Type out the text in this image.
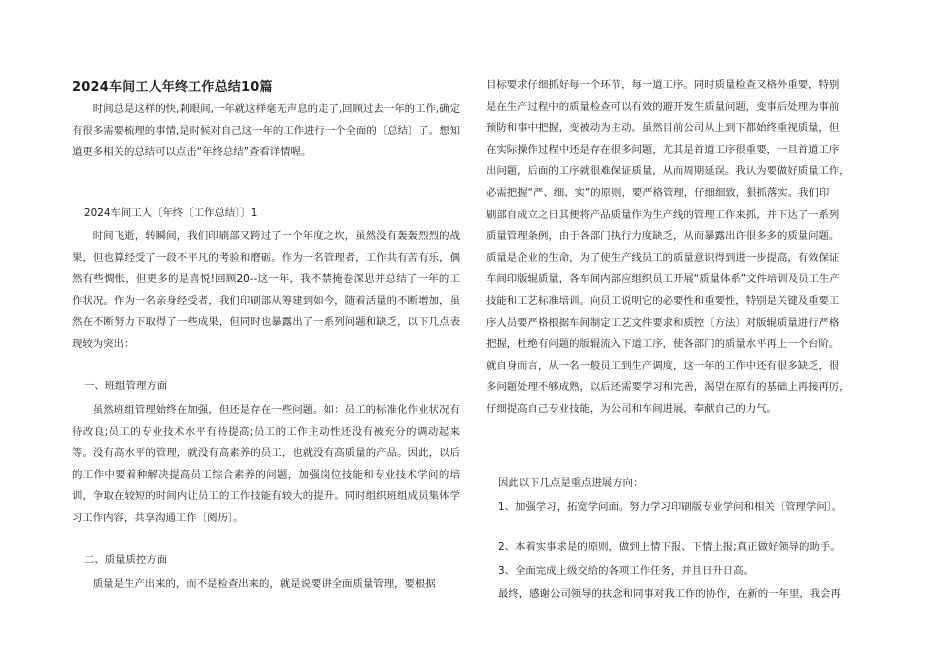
2024车间工人年终工作总结10篇

时间总是这样的快,剎眼间,一年就这样毫无声息的走了,回顾过去一年的工作,确定有很多需要梳理的事情,是时候对自己这一年的工作进行一个全面的〔总结〕了。想知道更多相关的总结可以点击“年终总结”查看详情喔。

2024车间工人〔年终〔工作总结〕〕1

时间飞逝，转瞬间，我们印刷部又跨过了一个年度之坎，虽然没有轰轰烈烈的战果，但也算经受了一段不平凡的考验和磨砺。作为一名管理者，工作共有苦有乐，偶然有些惆怅，但更多的是喜悦!回顾20--这一年，我不禁掩卷深思并总结了一年的工作状况。作为一名亲身经受者，我们印刷部从筹建到如今，随着活量的不断增加，虽然在不断努力下取得了一些成果，但同时也暴露出了一系列问题和缺乏，以下几点表现较为突出：

一、班组管理方面

虽然班组管理始终在加强，但还是存在一些问题。如：员工的标准化作业状况有待改良;员工的专业技术水平有待提高;员工的工作主动性还没有被充分的调动起来等。没有高水平的管理，就没有高素养的员工，也就没有高质量的产品。因此，以后的工作中要着种解决提高员工综合素养的问题，加强岗位技能和专业技术学问的培训，争取在较短的时间内让员工的工作技能有较大的提升。同时组织班组成员集体学习工作内容，共享沟通工作〔阅历〕。

二、质量质控方面

质量是生产出来的，而不是检查出来的，就是说要讲全面质量管理，要根据

目标要求仔细抓好每一个环节，每一道工序。同时质量检查又格外重要，特别
是在生产过程中的质量检查可以有效的避开发生质量问题，变事后处理为事前
预防和事中把握，变被动为主动。虽然目前公司从上到下都始终重视质量，但
在实际操作过程中还是存在很多问题，尤其是首道工序很重要，一旦首道工序
出问题，后面的工序就很难保证质量，从而周期延误。我认为要做好质量工作，
必需把握“严、细、实”的原则，要严格管理，仔细细致，狠抓落实。我们印
刷部自成立之日其便将产品质量作为生产线的管理工作来抓，并下达了一系列
质量管理条例，由于各部门执行力度缺乏，从而暴露出许很多多的质量问题。
质量是企业的生命，为了使生产线员工的质量意识得到进一步提高，有效保证
车间印版辊质量，各车间内部应组织员工开展“质量体系”文件培训及员工生产
技能和工艺标准培训。向员工说明它的必要性和重要性，特别是关键及重要工
序人员要严格根据车间制定工艺文件要求和质控〔方法〕对版辊质量进行严格
把握，杜绝有问题的版辊流入下道工序，使各部门的质量水平再上一个台阶。
就自身而言，从一名一般员工到生产调度，这一年的工作中还有很多缺乏，很
多问题处理不够成熟，以后还需要学习和完善，渴望在原有的基础上再接再厉，
仔细提高自己专业技能，为公司和车间进展，奉献自己的力气。

因此以下几点是重点进展方向：

1、加强学习，拓宽学问面。努力学习印刷版专业学问和相关〔管理学问〕。

2、本着实事求是的原则，做到上情下报、下情上报;真正做好领导的助手。

3、全面完成上级交给的各项工作任务，并且日升日高。

最终，感谢公司领导的扶念和同事对我工作的协作，在新的一年里，我会再
